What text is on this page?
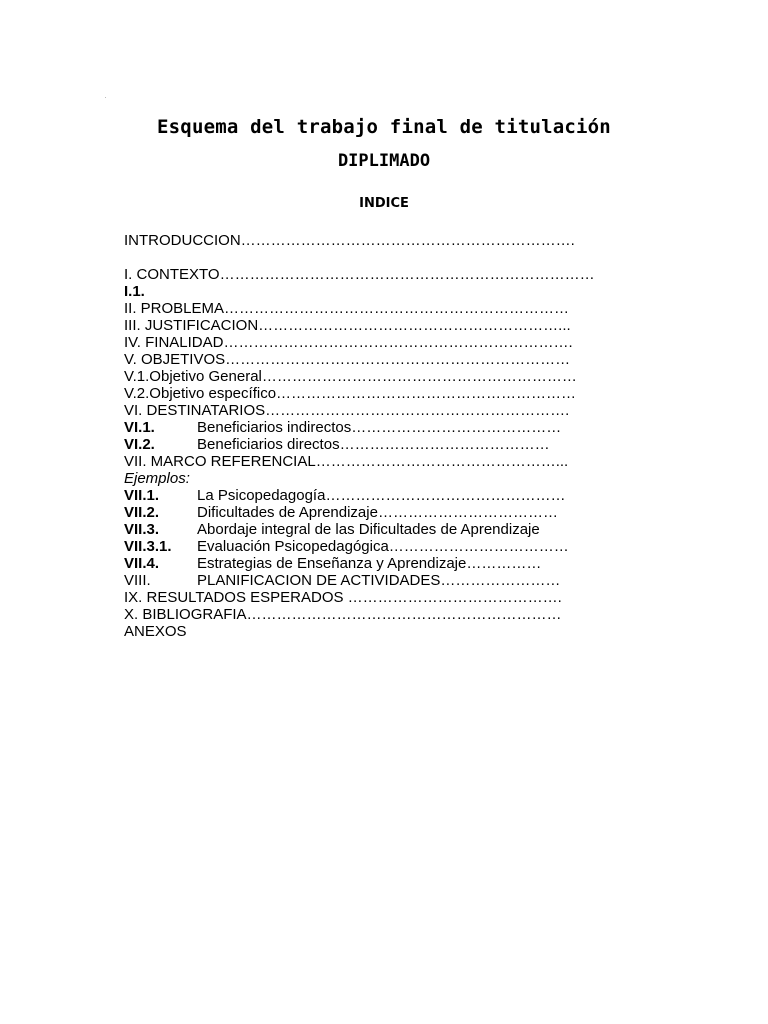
Esquema del trabajo final de titulación
DIPLIMADO
INDICE
INTRODUCCION………………………………………………………….
I. CONTEXTO…………………………………………………………………
I.1.
II. PROBLEMA……………………………………………………………
III. JUSTIFICACION……………………………………………………...
IV. FINALIDAD…………………………………………………………….
V. OBJETIVOS……………………………………………………………
V.1.Objetivo General………………………………………………………
V.2.Objetivo específico……………………………………………………
VI. DESTINATARIOS…………………………………………………….
VI.1.	Beneficiarios indirectos……………………………………
VI.2.	Beneficiarios directos……………………………………
VII. MARCO REFERENCIAL…………………………………………...
Ejemplos:
VII.1.	La Psicopedagogía…………………………………………
VII.2.	Dificultades de Aprendizaje………………………………
VII.3.	Abordaje integral de las Dificultades de Aprendizaje
VII.3.1. Evaluación Psicopedagógica………………………………
VII.4.	Estrategias de Enseñanza y Aprendizaje……………
VIII.	PLANIFICACION DE ACTIVIDADES……………………
IX. RESULTADOS ESPERADOS …………………………………….
X. BIBLIOGRAFIA………………………………………………………
ANEXOS
